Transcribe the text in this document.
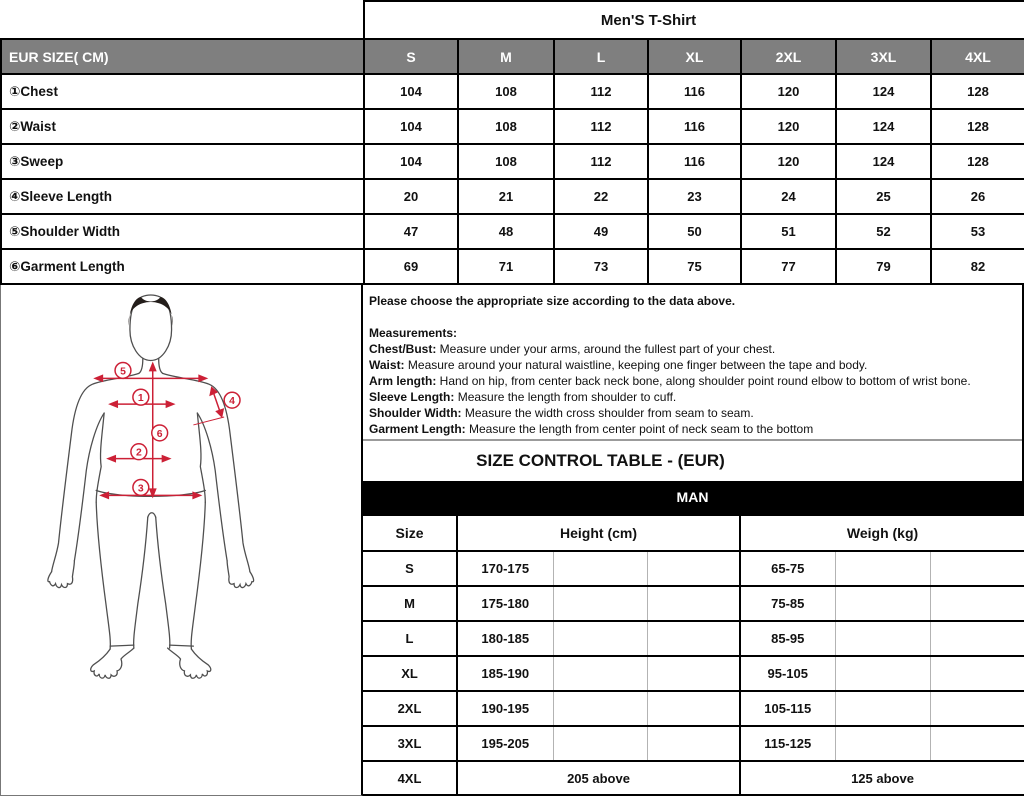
	Men'S T-Shirt						
EUR SIZE( CM)	S	M	L	XL	2XL	3XL	4XL
①Chest	104	108	112	116	120	124	128
②Waist	104	108	112	116	120	124	128
③Sweep	104	108	112	116	120	124	128
④Sleeve Length	20	21	22	23	24	25	26
⑤Shoulder Width	47	48	49	50	51	52	53
⑥Garment Length	69	71	73	75	77	79	82
5
1
2
3
4
6
Please choose the appropriate size according to the data above.
Measurements:
Chest/Bust: Measure under your arms, around the fullest part of your chest.
Waist: Measure around your natural waistline, keeping one finger between the tape and body.
Arm length: Hand on hip, from center back neck bone, along shoulder point round elbow to bottom of wrist bone.
Sleeve Length: Measure the length from shoulder to cuff.
Shoulder Width: Measure the width cross shoulder from seam to seam.
Garment Length: Measure the length from center point of neck seam to the bottom
SIZE CONTROL TABLE - (EUR)
MAN
Size	Height (cm)			Weigh (kg)		
S	170-175			65-75		
M	175-180			75-85		
L	180-185			85-95		
XL	185-190			95-105		
2XL	190-195			105-115		
3XL	195-205			115-125		
4XL	205 above			125 above		
